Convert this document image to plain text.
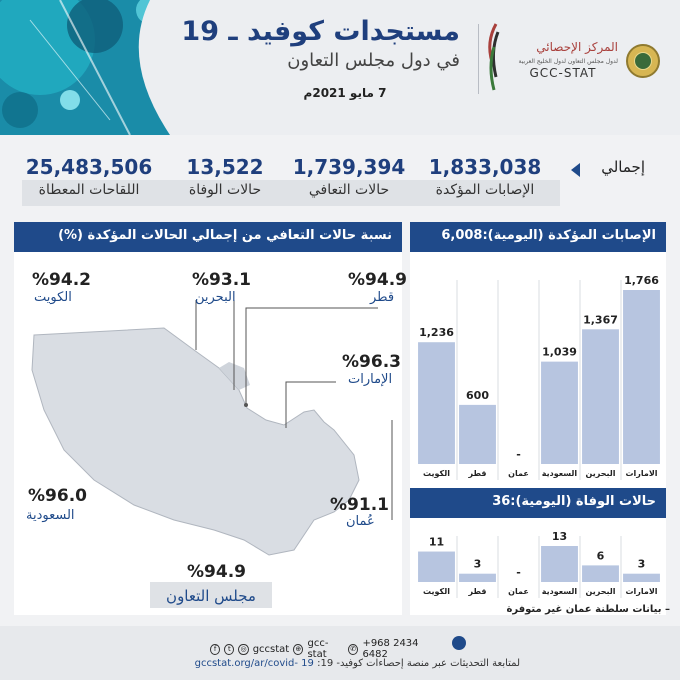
مستجدات كوفيد ـ 19
في دول مجلس التعاون
7 مايو 2021م
المركز الإحصائي
لدول مجلس التعاون لدول الخليج العربية
GCC-STAT
إجمالي
1,833,038
الإصابات المؤكدة
1,739,394
حالات التعافي
13,522
حالات الوفاة
25,483,506
اللقاحات المعطاة
نسبة حالات التعافي من إجمالي الحالات المؤكدة (%)
%94.2
الكويت
%93.1
البحرين
%94.9
قطر
%96.3
الإمارات
%91.1
عُمان
%96.0
السعودية
%94.9
مجلس التعاون
الإصابات المؤكدة (اليومية):6,008
حالات الوفاة (اليومية):36
1,236
الكويت
600
قطر
-
عمان
1,039
السعودية
1,367
البحرين
1,766
الامارات
11
الكويت
3
قطر
-
عمان
13
السعودية
6
البحرين
3
الامارات
– بيانات سلطنة عمان غير متوفرة
f	t	◎ gccstat ⊕ gcc-stat
✆ +968 2434 6482
لمتابعة التحديثات عبر منصة إحصاءات كوفيد- 19: gccstat.org/ar/covid- 19
